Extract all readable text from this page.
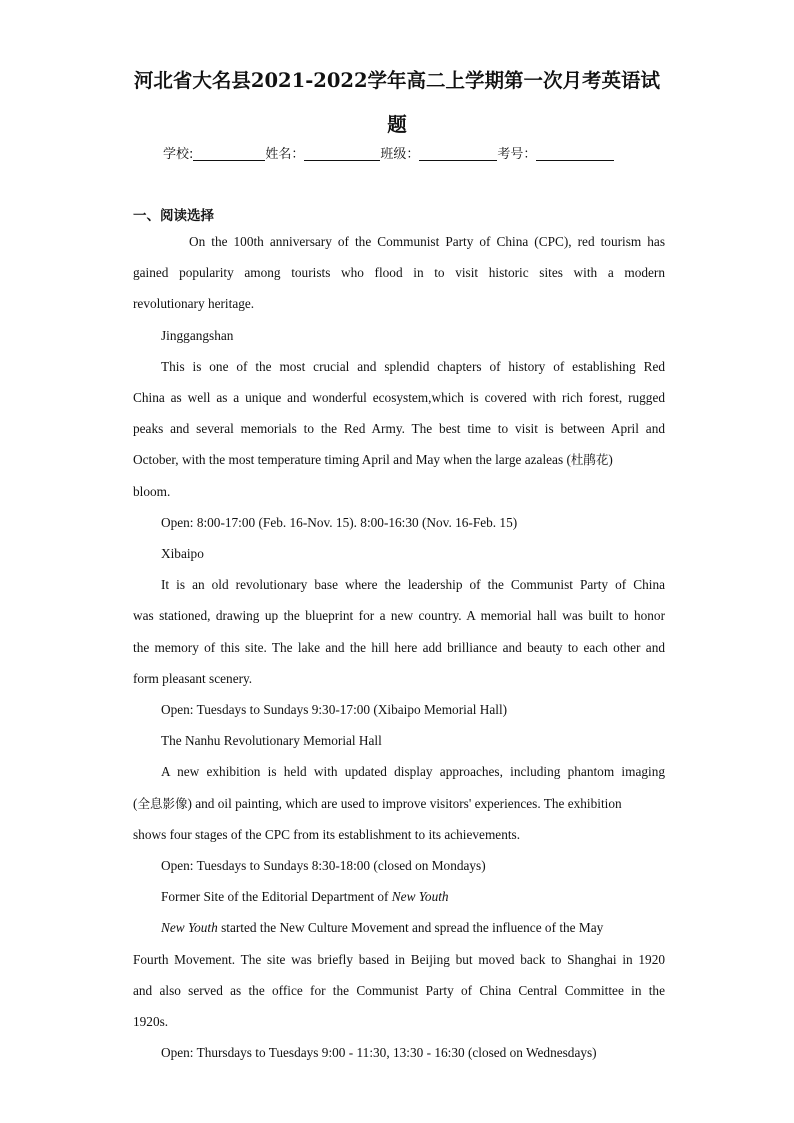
河北省大名县2021-2022学年高二上学期第一次月考英语试
题
学校:	姓名：	班级：	考号：
一、阅读选择
On the 100th anniversary of the Communist Party of China (CPC), red tourism has
gained popularity among tourists who flood in to visit historic sites with a modern
revolutionary heritage.
Jinggangshan
This is one of the most crucial and splendid chapters of history of establishing Red
China as well as a unique and wonderful ecosystem,which is covered with rich forest, rugged
peaks and several memorials to the Red Army. The best time to visit is between April and
October, with the most temperature timing April and May when the large azaleas (杜鹃花)
bloom.
Open: 8:00-17:00 (Feb. 16-Nov. 15). 8:00-16:30 (Nov. 16-Feb. 15)
Xibaipo
It is an old revolutionary base where the leadership of the Communist Party of China
was stationed, drawing up the blueprint for a new country. A memorial hall was built to honor
the memory of this site. The lake and the hill here add brilliance and beauty to each other and
form pleasant scenery.
Open: Tuesdays to Sundays 9:30-17:00 (Xibaipo Memorial Hall)
The Nanhu Revolutionary Memorial Hall
A new exhibition is held with updated display approaches, including phantom imaging
(全息影像) and oil painting, which are used to improve visitors' experiences. The exhibition
shows four stages of the CPC from its establishment to its achievements.
Open: Tuesdays to Sundays 8:30-18:00 (closed on Mondays)
Former Site of the Editorial Department of New Youth
New Youth started the New Culture Movement and spread the influence of the May
Fourth Movement. The site was briefly based in Beijing but moved back to Shanghai in 1920
and also served as the office for the Communist Party of China Central Committee in the
1920s.
Open: Thursdays to Tuesdays 9:00 - 11:30, 13:30 - 16:30 (closed on Wednesdays)
